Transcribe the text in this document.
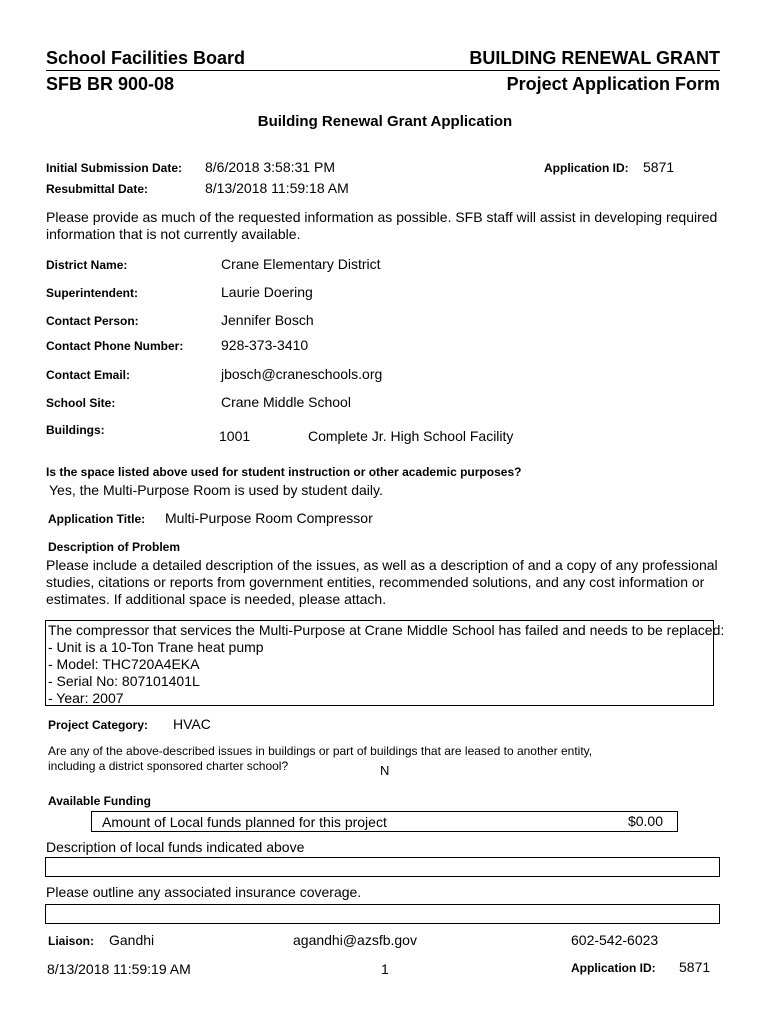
School Facilities Board	BUILDING RENEWAL GRANT
SFB BR 900-08	Project Application Form
Building Renewal Grant Application
Initial Submission Date: 8/6/2018 3:58:31 PM	Application ID: 5871
Resubmittal Date:	8/13/2018 11:59:18 AM
Please provide as much of the requested information as possible. SFB staff will assist in developing required information that is not currently available.
District Name:	Crane Elementary District
Superintendent:	Laurie Doering
Contact Person:	Jennifer Bosch
Contact Phone Number:	928-373-3410
Contact Email:	jbosch@craneschools.org
School Site:	Crane Middle School
Buildings:	1001	Complete Jr. High School Facility
Is the space listed above used for student instruction or other academic purposes?
Yes, the Multi-Purpose Room is used by student daily.
Application Title: Multi-Purpose Room Compressor
Description of Problem
Please include a detailed description of the issues, as well as a description of and a copy of any professional studies, citations or reports from government entities, recommended solutions, and any cost information or estimates. If additional space is needed, please attach.
The compressor that services the Multi-Purpose at Crane Middle School has failed and needs to be replaced:
- Unit is a 10-Ton Trane heat pump
- Model: THC720A4EKA
- Serial No: 807101401L
- Year: 2007
Project Category: HVAC
Are any of the above-described issues in buildings or part of buildings that are leased to another entity,
including a district sponsored charter school?	N
Available Funding
Amount of Local funds planned for this project	$0.00
Description of local funds indicated above
Please outline any associated insurance coverage.
Liaison: Gandhi	agandhi@azsfb.gov	602-542-6023
8/13/2018 11:59:19 AM	1	Application ID: 5871
